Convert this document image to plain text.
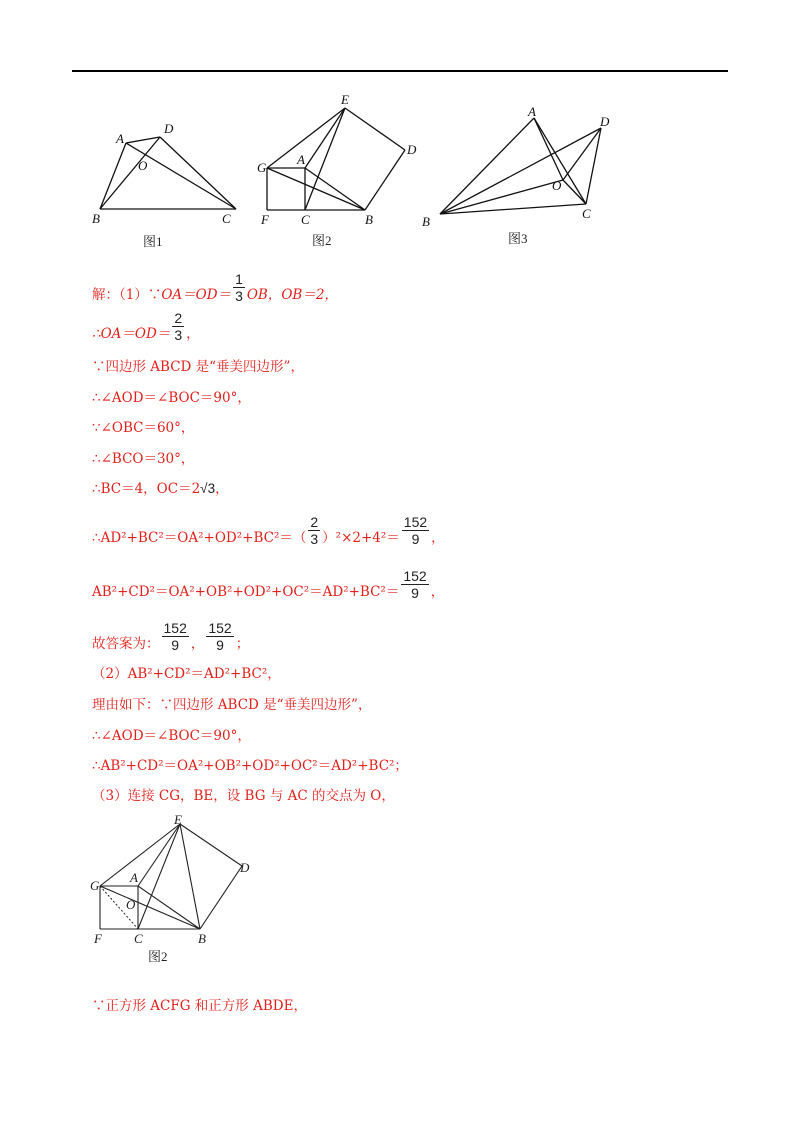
A
B	C
D
O
图1
A
B
C
D
E
F
G
图2
A
B
C
D
O
图3
解：（1）∵OA＝OD＝ $\frac{1}{3}$ OB，OB＝2，
∴OA＝OD＝ $\frac{2}{3}$ ，
∵四边形 ABCD 是“垂美四边形”，
∴∠AOD＝∠BOC＝90°，
∵∠OBC＝60°，
∴∠BCO＝30°，
∴BC＝4，OC＝2√3，
∴AD²+BC²＝OA²+OD²+BC²＝（ $\frac{2}{3} )^2\times 2+4^2= \frac{152}{9}$ ，
$AB^2+CD^2=OA^2+OB^2+OD^2+OC^2=AD^2+BC^2= \frac{152}{9}$ ，
故答案为： $\frac{152}{9}$ ， $\frac{152}{9}$ ；
（2）AB²+CD²＝AD²+BC²，
理由如下：∵四边形 ABCD 是“垂美四边形”，
∴∠AOD＝∠BOC＝90°，
∴AB²+CD²＝OA²+OB²+OD²+OC²＝AD²+BC²；
（3）连接 CG，BE，设 BG 与 AC 的交点为 O，
A
B
C
D
E
F
G
O
图2
∵正方形 ACFG 和正方形 ABDE，
